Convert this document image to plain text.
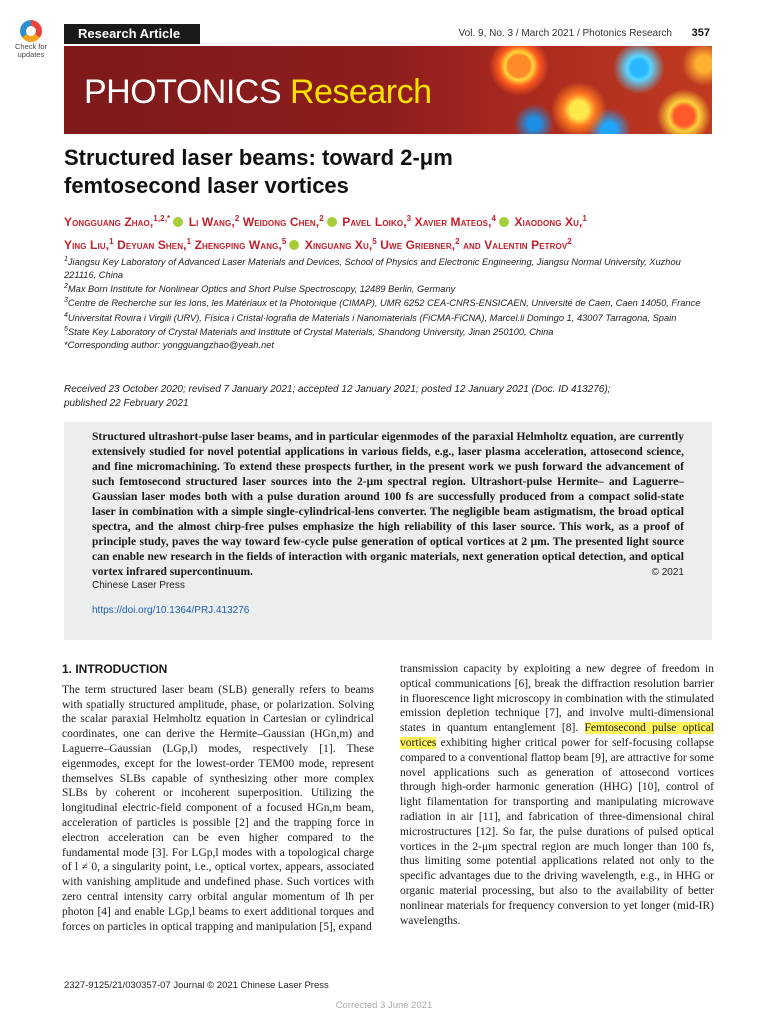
Check for
updates
Research Article	Vol. 9, No. 3 / March 2021 / Photonics Research 357
PHOTONICS Research
Structured laser beams: toward 2-μm
femtosecond laser vortices
Yongguang Zhao,$^{1,2,*}$ Li Wang,$^2$ Weidong Chen,$^2$ Pavel Loiko,$^3$ Xavier Mateos,$^4$ Xiaodong Xu,$^1$
Ying Liu,$^1$ Deyuan Shen,$^1$ Zhengping Wang,$^5$ Xinguang Xu,$^5$ Uwe Griebner,$^2$ and Valentin Petrov$^2$
$^1$Jiangsu Key Laboratory of Advanced Laser Materials and Devices, School of Physics and Electronic Engineering, Jiangsu Normal University, Xuzhou 221116, China
$^2$Max Born Institute for Nonlinear Optics and Short Pulse Spectroscopy, 12489 Berlin, Germany
$^3$Centre de Recherche sur les Ions, les Matériaux et la Photonique (CIMAP), UMR 6252 CEA-CNRS-ENSICAEN, Université de Caen, Caen 14050, France
$^4$Universitat Rovira i Virgili (URV), Física i Cristal·lografia de Materials i Nanomaterials (FiCMA-FiCNA), Marcel.li Domingo 1, 43007 Tarragona, Spain
$^5$State Key Laboratory of Crystal Materials and Institute of Crystal Materials, Shandong University, Jinan 250100, China
*Corresponding author: yongguangzhao@yeah.net
Received 23 October 2020; revised 7 January 2021; accepted 12 January 2021; posted 12 January 2021 (Doc. ID 413276);
published 22 February 2021
Structured ultrashort-pulse laser beams, and in particular eigenmodes of the paraxial Helmholtz equation, are currently extensively studied for novel potential applications in various fields, e.g., laser plasma acceleration, attosecond science, and fine micromachining. To extend these prospects further, in the present work we push forward the advancement of such femtosecond structured laser sources into the 2-μm spectral region. Ultrashort-pulse Hermite– and Laguerre–Gaussian laser modes both with a pulse duration around 100 fs are successfully produced from a compact solid-state laser in combination with a simple single-cylindrical-lens converter. The negligible beam astigmatism, the broad optical spectra, and the almost chirp-free pulses emphasize the high reliability of this laser source. This work, as a proof of principle study, paves the way toward few-cycle pulse generation of optical vortices at 2 μm. The presented light source can enable new research in the fields of interaction with organic materials, next generation optical detection, and optical vortex infrared supercontinuum.	© 2021
Chinese Laser Press
https://doi.org/10.1364/PRJ.413276
1. INTRODUCTION
The term structured laser beam (SLB) generally refers to beams with spatially structured amplitude, phase, or polarization. Solving the scalar paraxial Helmholtz equation in Cartesian or cylindrical coordinates, one can derive the Hermite–Gaussian (HGn,m) and Laguerre–Gaussian (LGp,l) modes, respectively [1]. These eigenmodes, except for the lowest-order TEM00 mode, represent themselves SLBs capable of synthesizing other more complex SLBs by coherent or incoherent superposition. Utilizing the longitudinal electric-field component of a focused HGn,m beam, acceleration of particles is possible [2] and the trapping force in electron acceleration can be even higher compared to the fundamental mode [3]. For LGp,l modes with a topological charge of l ≠ 0, a singularity point, i.e., optical vortex, appears, associated with vanishing amplitude and undefined phase. Such vortices with zero central intensity carry orbital angular momentum of lħ per photon [4] and enable LGp,l beams to exert additional torques and forces on particles in optical trapping and manipulation [5], expand
transmission capacity by exploiting a new degree of freedom in optical communications [6], break the diffraction resolution barrier in fluorescence light microscopy in combination with the stimulated emission depletion technique [7], and involve multi-dimensional states in quantum entanglement [8]. Femtosecond pulse optical vortices exhibiting higher critical power for self-focusing collapse compared to a conventional flattop beam [9], are attractive for some novel applications such as generation of attosecond vortices through high-order harmonic generation (HHG) [10], control of light filamentation for transporting and manipulating microwave radiation in air [11], and fabrication of three-dimensional chiral microstructures [12]. So far, the pulse durations of pulsed optical vortices in the 2-μm spectral region are much longer than 100 fs, thus limiting some potential applications related not only to the specific advantages due to the driving wavelength, e.g., in HHG or organic material processing, but also to the availability of better nonlinear materials for frequency conversion to yet longer (mid-IR) wavelengths.
2327-9125/21/030357-07 Journal © 2021 Chinese Laser Press
Corrected 3 June 2021
